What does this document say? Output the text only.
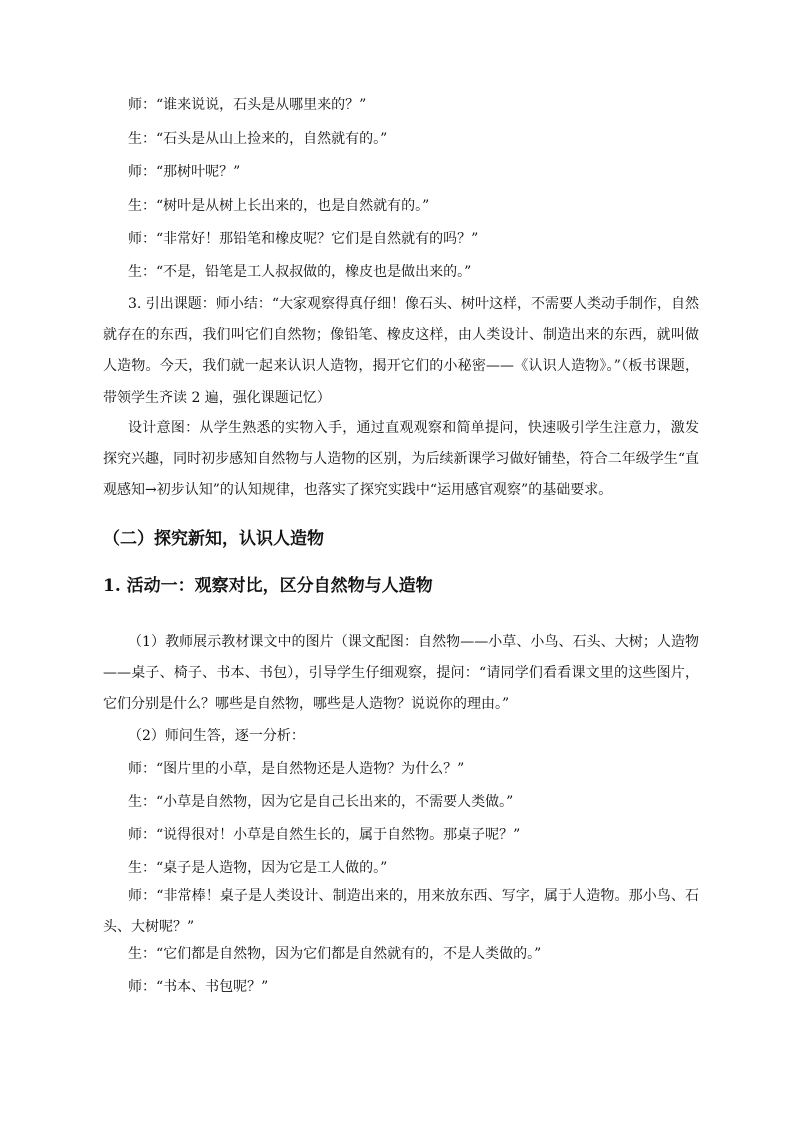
师：“谁来说说，石头是从哪里来的？”
生：“石头是从山上捡来的，自然就有的。”
师：“那树叶呢？”
生：“树叶是从树上长出来的，也是自然就有的。”
师：“非常好！那铅笔和橡皮呢？它们是自然就有的吗？”
生：“不是，铅笔是工人叔叔做的，橡皮也是做出来的。”
3. 引出课题：师小结：“大家观察得真仔细！像石头、树叶这样，不需要人类动手制作，自然就存在的东西，我们叫它们自然物；像铅笔、橡皮这样，由人类设计、制造出来的东西，就叫做人造物。今天，我们就一起来认识人造物，揭开它们的小秘密——《认识人造物》。”（板书课题，带领学生齐读 2 遍，强化课题记忆）
设计意图：从学生熟悉的实物入手，通过直观观察和简单提问，快速吸引学生注意力，激发探究兴趣，同时初步感知自然物与人造物的区别，为后续新课学习做好铺垫，符合二年级学生“直观感知→初步认知”的认知规律，也落实了探究实践中“运用感官观察”的基础要求。
（二）探究新知，认识人造物
1. 活动一：观察对比，区分自然物与人造物
（1）教师展示教材课文中的图片（课文配图：自然物——小草、小鸟、石头、大树；人造物——桌子、椅子、书本、书包），引导学生仔细观察，提问：“请同学们看看课文里的这些图片，它们分别是什么？哪些是自然物，哪些是人造物？说说你的理由。”
（2）师问生答，逐一分析：
师：“图片里的小草，是自然物还是人造物？为什么？”
生：“小草是自然物，因为它是自己长出来的，不需要人类做。”
师：“说得很对！小草是自然生长的，属于自然物。那桌子呢？”
生：“桌子是人造物，因为它是工人做的。”
师：“非常棒！桌子是人类设计、制造出来的，用来放东西、写字，属于人造物。那小鸟、石头、大树呢？”
生：“它们都是自然物，因为它们都是自然就有的，不是人类做的。”
师：“书本、书包呢？”
